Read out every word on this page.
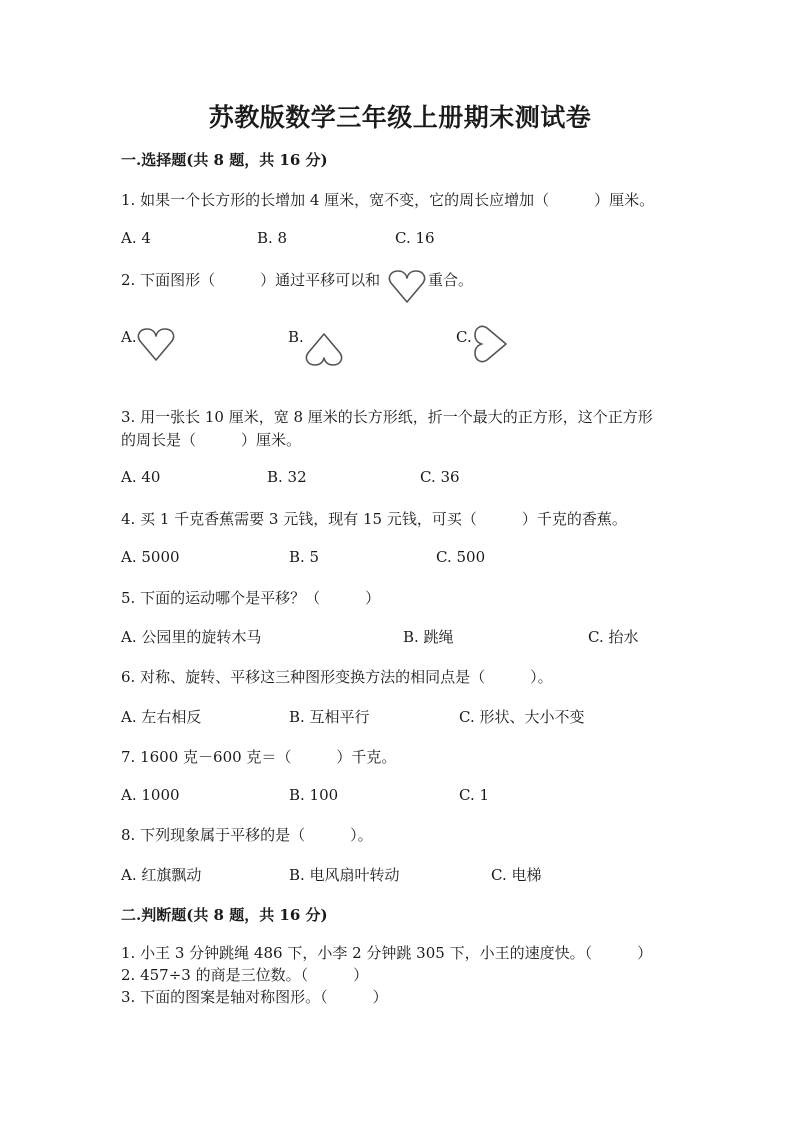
苏教版数学三年级上册期末测试卷
一.选择题(共 8 题，共 16 分)
1. 如果一个长方形的长增加 4 厘米，宽不变，它的周长应增加（　　　）厘米。
A. 4	B. 8	C. 16
2. 下面图形（　　　）通过平移可以和	重合。
A.	B.	C.
3. 用一张长 10 厘米，宽 8 厘米的长方形纸，折一个最大的正方形，这个正方形
的周长是（　　　）厘米。
A. 40	B. 32	C. 36
4. 买 1 千克香蕉需要 3 元钱，现有 15 元钱，可买（　　　）千克的香蕉。
A. 5000	B. 5	C. 500
5. 下面的运动哪个是平移？（　　　）
A. 公园里的旋转木马	B. 跳绳	C. 抬水
6. 对称、旋转、平移这三种图形变换方法的相同点是（　　　）。
A. 左右相反	B. 互相平行	C. 形状、大小不变
7. 1600 克－600 克＝（　　　）千克。
A. 1000	B. 100	C. 1
8. 下列现象属于平移的是（　　　）。
A. 红旗飘动	B. 电风扇叶转动	C. 电梯
二.判断题(共 8 题，共 16 分)
1. 小王 3 分钟跳绳 486 下，小李 2 分钟跳 305 下，小王的速度快。（　　　）
2. 457÷3 的商是三位数。（　　　）
3. 下面的图案是轴对称图形。（　　　）
